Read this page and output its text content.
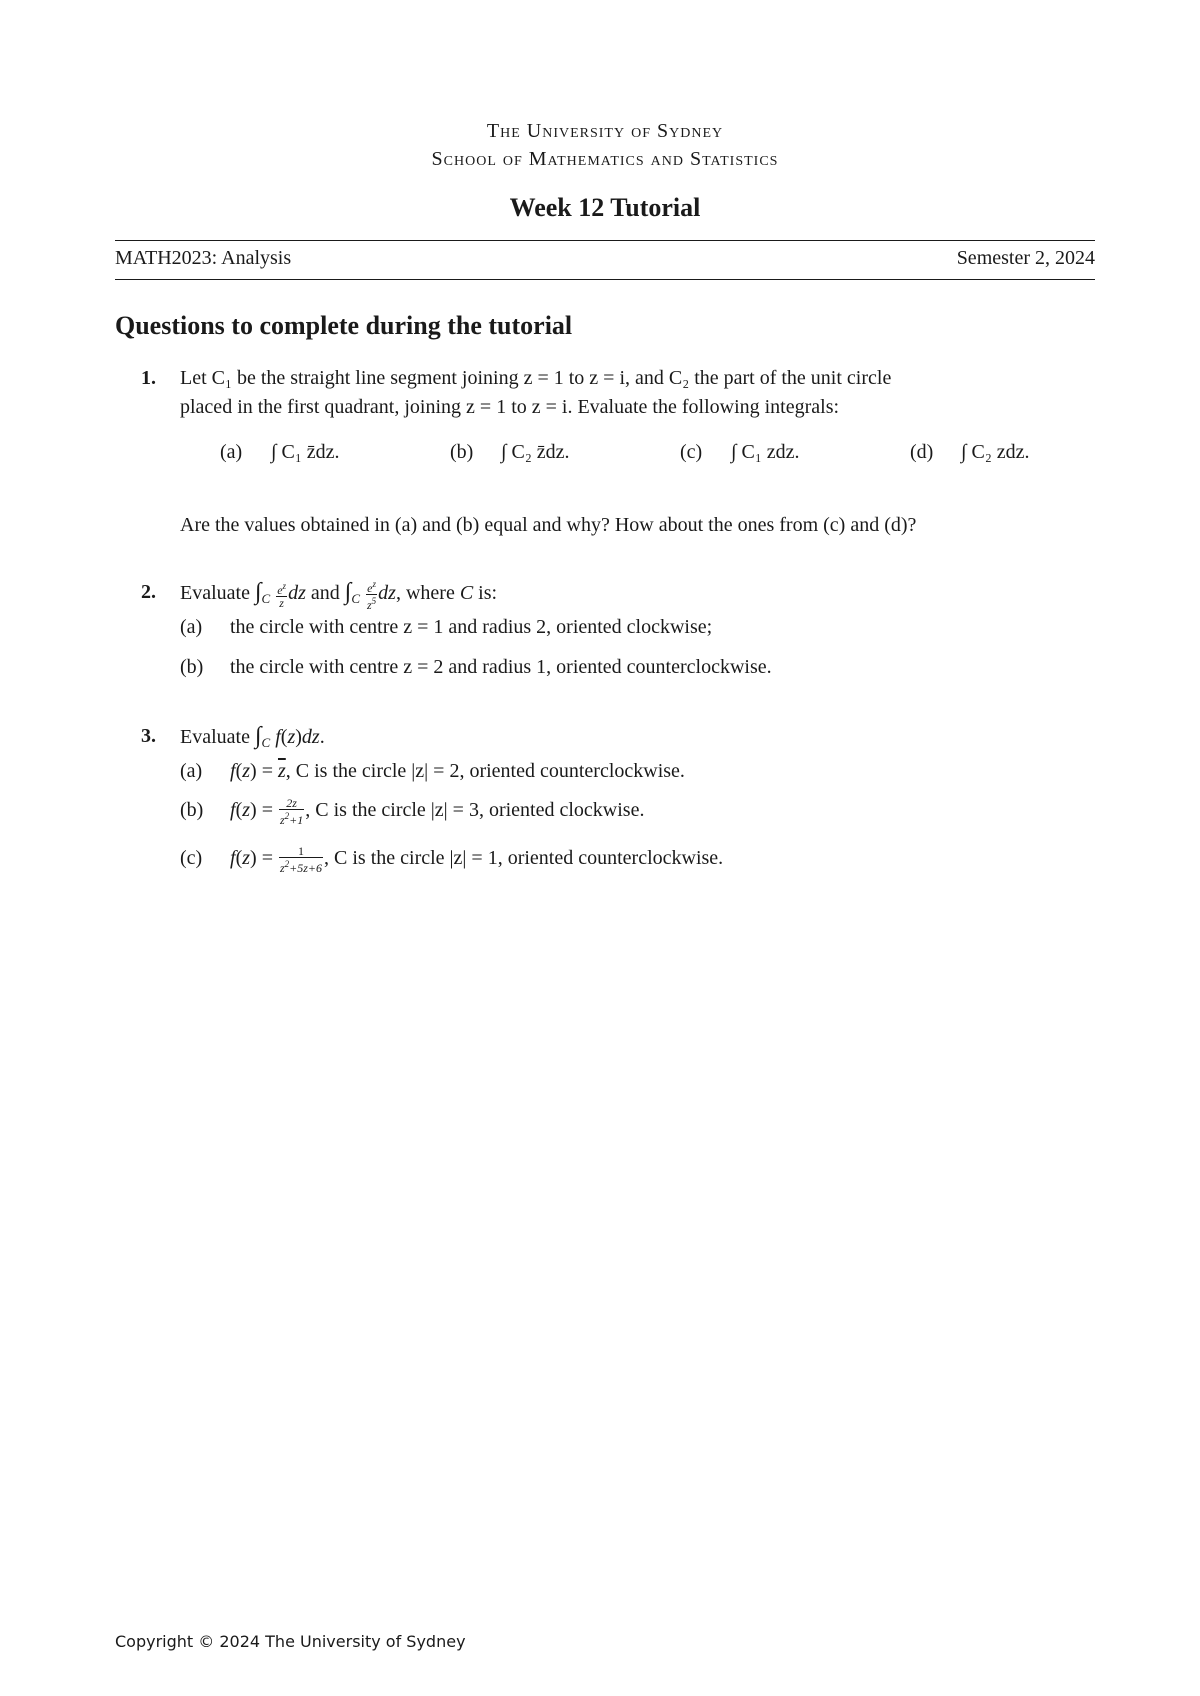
The University of Sydney
School of Mathematics and Statistics
Week 12 Tutorial
MATH2023: Analysis	Semester 2, 2024
Questions to complete during the tutorial
1. Let C₁ be the straight line segment joining z = 1 to z = i, and C₂ the part of the unit circle
placed in the first quadrant, joining z = 1 to z = i. Evaluate the following integrals:
(a) ∫ C₁ z̄dz.	(b) ∫ C₂ z̄dz.	(c) ∫ C₁ zdz.	(d) ∫ C₂ zdz.
Are the values obtained in (a) and (b) equal and why? How about the ones from (c) and (d)?
2. Evaluate $\int_C \frac{e^z}{z}$ dz and $\int_C \frac{e^z}{z^5}$ dz, where C is:
(a) the circle with centre z = 1 and radius 2, oriented clockwise;
(b) the circle with centre z = 2 and radius 1, oriented counterclockwise.
3. Evaluate $\int_C$ f(z)dz.
(a) $f(z) = \overline{z}$, C is the circle |z| = 2, oriented counterclockwise.
(b) $f(z) = \frac{2z}{z^2+1}$ , C is the circle |z| = 3, oriented clockwise.
(c) $f(z) = \frac{1}{z^2+5z+6}$ , C is the circle |z| = 1, oriented counterclockwise.
Copyright © 2024 The University of Sydney
